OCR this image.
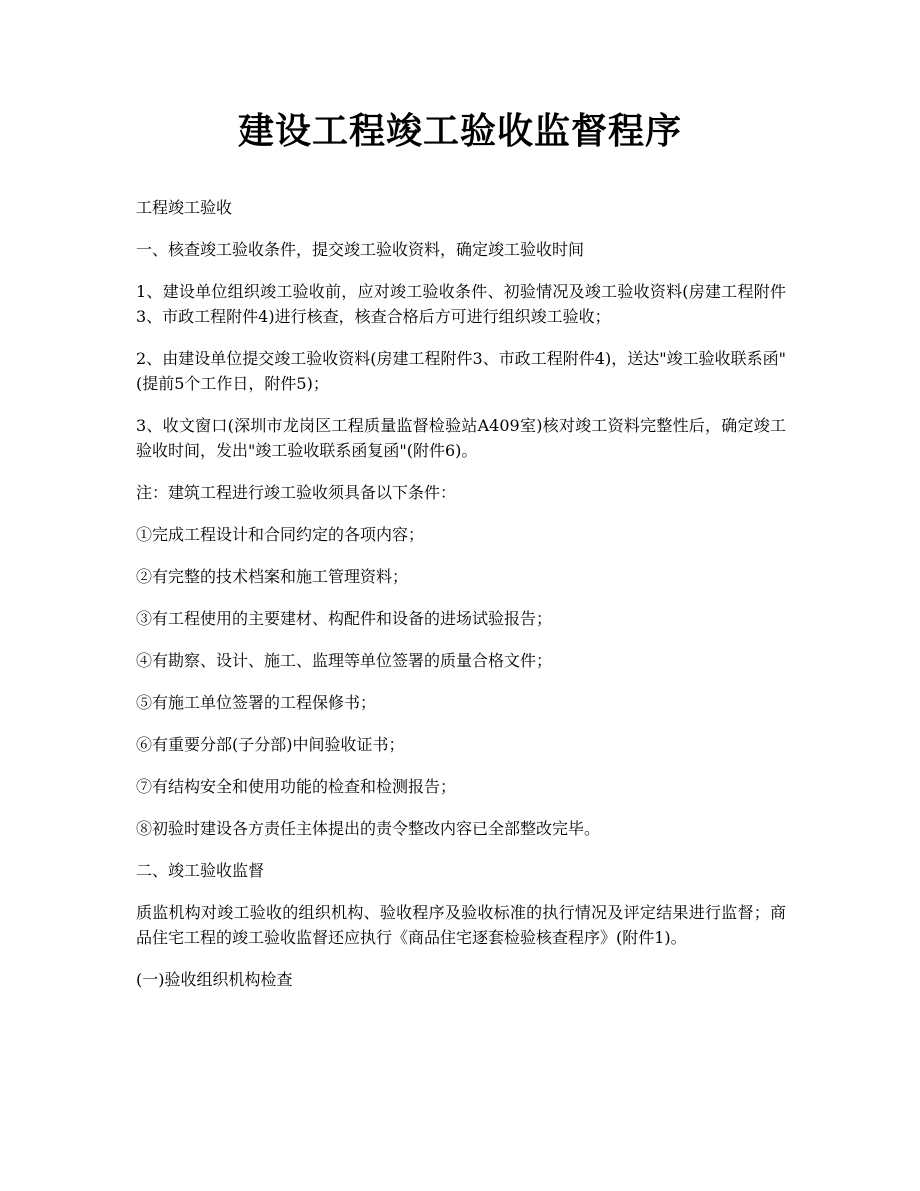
建设工程竣工验收监督程序

工程竣工验收

一、核查竣工验收条件，提交竣工验收资料，确定竣工验收时间

1、建设单位组织竣工验收前，应对竣工验收条件、初验情况及竣工验收资料(房建工程附件3、市政工程附件4)进行核查，核查合格后方可进行组织竣工验收；

2、由建设单位提交竣工验收资料(房建工程附件3、市政工程附件4)，送达"竣工验收联系函"(提前5个工作日，附件5)；

3、收文窗口(深圳市龙岗区工程质量监督检验站A409室)核对竣工资料完整性后，确定竣工验收时间，发出"竣工验收联系函复函"(附件6)。

注：建筑工程进行竣工验收须具备以下条件：

①完成工程设计和合同约定的各项内容；

②有完整的技术档案和施工管理资料；

③有工程使用的主要建材、构配件和设备的进场试验报告；

④有勘察、设计、施工、监理等单位签署的质量合格文件；

⑤有施工单位签署的工程保修书；

⑥有重要分部(子分部)中间验收证书；

⑦有结构安全和使用功能的检查和检测报告；

⑧初验时建设各方责任主体提出的责令整改内容已全部整改完毕。

二、竣工验收监督

质监机构对竣工验收的组织机构、验收程序及验收标准的执行情况及评定结果进行监督；商品住宅工程的竣工验收监督还应执行《商品住宅逐套检验核查程序》(附件1)。

(一)验收组织机构检查
